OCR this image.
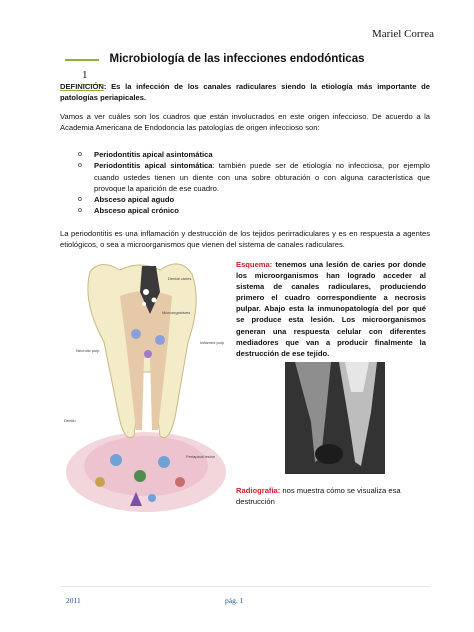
Mariel Correa
1
Microbiología de las infecciones endodónticas

DEFINICIÓN: Es la infección de los canales radiculares siendo la etiología más importante de patologías periapicales.

Vamos a ver cuáles son los cuadros que están involucrados en este origen infeccioso. De acuerdo a la Academia Americana de Endodoncia las patologías de origen infeccioso son:

o Periodontitis apical asintomática
o Periodontitis apical sintomática: también puede ser de etiología no infecciosa, por ejemplo cuando ustedes tienen un diente con una sobre obturación o con alguna característica que provoque la aparición de ese cuadro.
o Absceso apical agudo
o Absceso apical crónico

La periodontitis es una inflamación y destrucción de los tejidos perirradiculares y es en respuesta a agentes etiológicos, o sea a microorganismos que vienen del sistema de canales radiculares.

Dental caries
Microorganisms
Inflamed pulp
Necrotic pulp
Dentin
Periapical lesion

Esquema: tenemos una lesión de caries por donde los microorganismos han logrado acceder al sistema de canales radiculares, produciendo primero el cuadro correspondiente a necrosis pulpar. Abajo esta la inmunopatología del por qué se produce esta lesión. Los microorganismos generan una respuesta celular con diferentes mediadores que van a producir finalmente la destrucción de ese tejido.

Radiografía: nos muestra cómo se visualiza esa destrucción

2011	pág. 1
